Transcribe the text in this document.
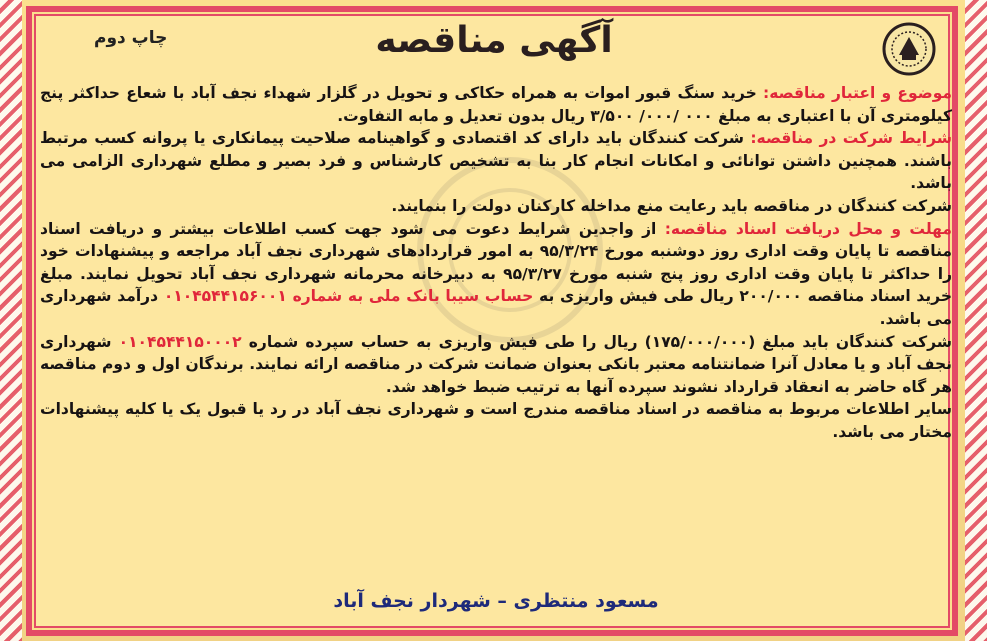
چاپ دوم	آگهی مناقصه

موضوع و اعتبار مناقصه: خرید سنگ قبور اموات به همراه حکاکی و تحویل در گلزار شهداء نجف آباد با شعاع حداکثر پنج کیلومتری آن با اعتباری به مبلغ ۰۰۰ /۰۰۰/ ۳/۵۰۰ ریال بدون تعدیل و مابه التفاوت.

شرایط شرکت در مناقصه: شرکت کنندگان باید دارای کد اقتصادی و گواهینامه صلاحیت پیمانکاری یا پروانه کسب مرتبط باشند. همچنین داشتن توانائی و امکانات انجام کار بنا به تشخیص کارشناس و فرد بصیر و مطلع شهرداری الزامی می باشد.

شرکت کنندگان در مناقصه باید رعایت منع مداخله کارکنان دولت را بنمایند.

مهلت و محل دریافت اسناد مناقصه: از واجدین شرایط دعوت می شود جهت کسب اطلاعات بیشتر و دریافت اسناد مناقصه تا پایان وقت اداری روز دوشنبه مورخ ۹۵/۳/۲۴ به امور قراردادهای شهرداری نجف آباد مراجعه و پیشنهادات خود را حداکثر تا پایان وقت اداری روز پنج شنبه مورخ ۹۵/۳/۲۷ به دبیرخانه محرمانه شهرداری نجف آباد تحویل نمایند. مبلغ خرید اسناد مناقصه ۲۰۰/۰۰۰ ریال طی فیش واریزی به حساب سیبا بانک ملی به شماره ۰۱۰۴۵۴۴۱۵۶۰۰۱ درآمد شهرداری می باشد.

شرکت کنندگان باید مبلغ (۱۷۵/۰۰۰/۰۰۰) ریال را طی فیش واریزی به حساب سپرده شماره ۰۱۰۴۵۴۴۱۵۰۰۰۲ شهرداری نجف آباد و یا معادل آنرا ضمانتنامه معتبر بانکی بعنوان ضمانت شرکت در مناقصه ارائه نمایند. برندگان اول و دوم مناقصه هر گاه حاضر به انعقاد قرارداد نشوند سپرده آنها به ترتیب ضبط خواهد شد.

سایر اطلاعات مربوط به مناقصه در اسناد مناقصه مندرج است و شهرداری نجف آباد در رد یا قبول یک یا کلیه پیشنهادات مختار می باشد.

مسعود منتظری – شهردار نجف آباد
